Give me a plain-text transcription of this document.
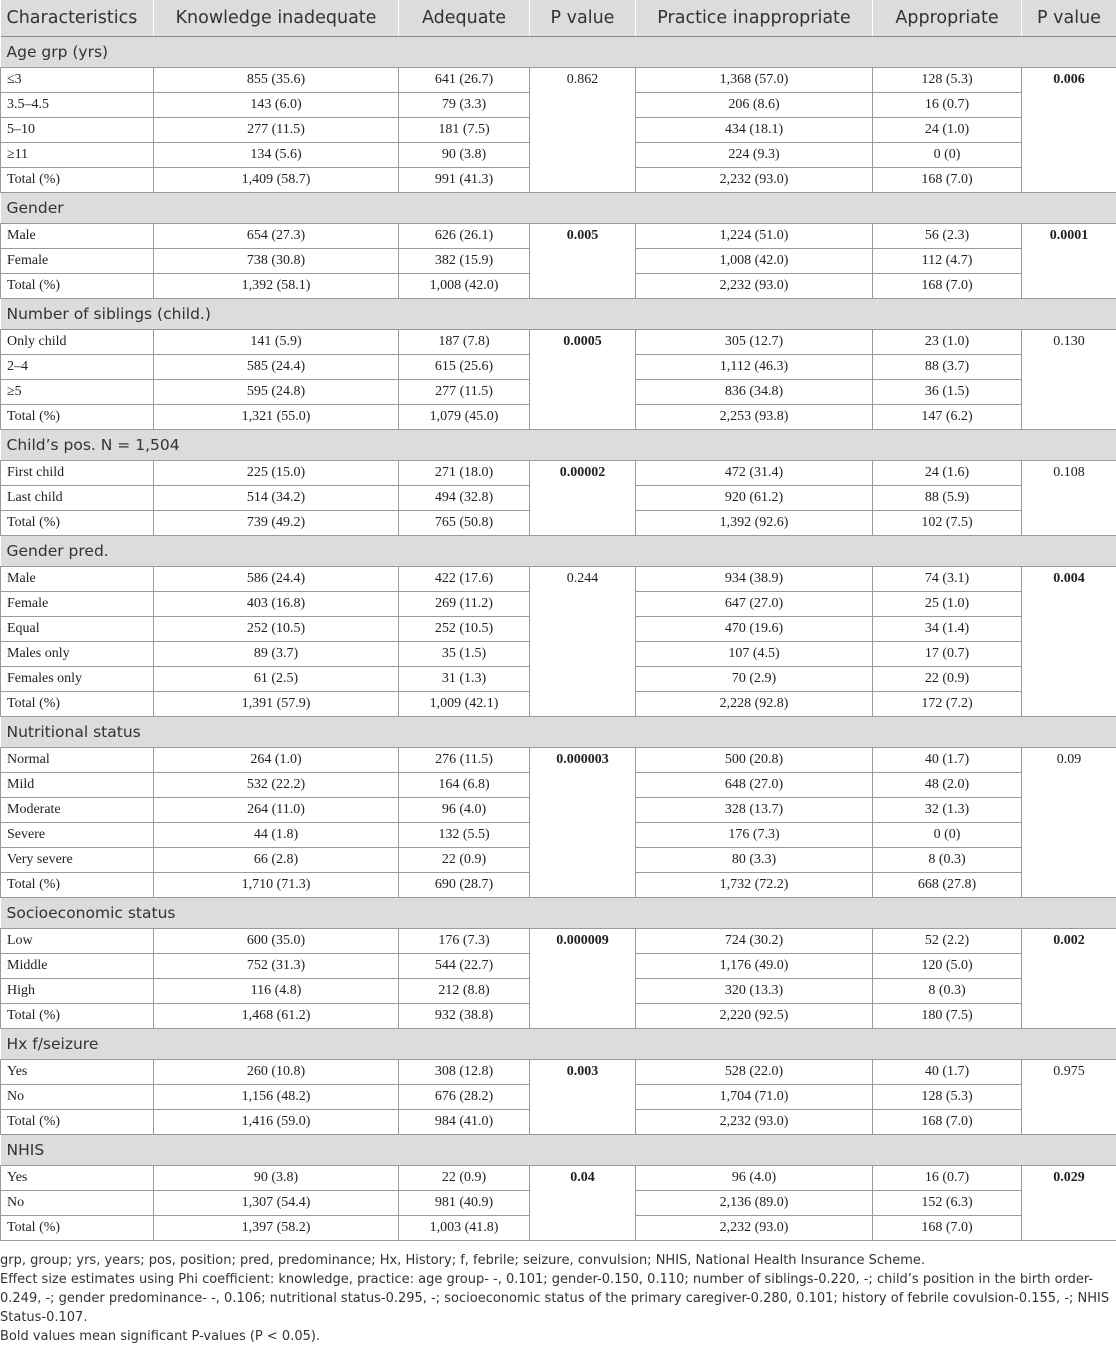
Characteristics	Knowledge inadequate	Adequate	P value	Practice inappropriate	Appropriate	P value
Age grp (yrs)						
≤3	855 (35.6)	641 (26.7)	0.862	1,368 (57.0)	128 (5.3)	0.006
3.5–4.5	143 (6.0)	79 (3.3)		206 (8.6)	16 (0.7)	
5–10	277 (11.5)	181 (7.5)		434 (18.1)	24 (1.0)	
≥11	134 (5.6)	90 (3.8)		224 (9.3)	0 (0)	
Total (%)	1,409 (58.7)	991 (41.3)		2,232 (93.0)	168 (7.0)	
Gender						
Male	654 (27.3)	626 (26.1)	0.005	1,224 (51.0)	56 (2.3)	0.0001
Female	738 (30.8)	382 (15.9)		1,008 (42.0)	112 (4.7)	
Total (%)	1,392 (58.1)	1,008 (42.0)		2,232 (93.0)	168 (7.0)	
Number of siblings (child.)						
Only child	141 (5.9)	187 (7.8)	0.0005	305 (12.7)	23 (1.0)	0.130
2–4	585 (24.4)	615 (25.6)		1,112 (46.3)	88 (3.7)	
≥5	595 (24.8)	277 (11.5)		836 (34.8)	36 (1.5)	
Total (%)	1,321 (55.0)	1,079 (45.0)		2,253 (93.8)	147 (6.2)	
Child’s pos. N = 1,504						
First child	225 (15.0)	271 (18.0)	0.00002	472 (31.4)	24 (1.6)	0.108
Last child	514 (34.2)	494 (32.8)		920 (61.2)	88 (5.9)	
Total (%)	739 (49.2)	765 (50.8)		1,392 (92.6)	102 (7.5)	
Gender pred.						
Male	586 (24.4)	422 (17.6)	0.244	934 (38.9)	74 (3.1)	0.004
Female	403 (16.8)	269 (11.2)		647 (27.0)	25 (1.0)	
Equal	252 (10.5)	252 (10.5)		470 (19.6)	34 (1.4)	
Males only	89 (3.7)	35 (1.5)		107 (4.5)	17 (0.7)	
Females only	61 (2.5)	31 (1.3)		70 (2.9)	22 (0.9)	
Total (%)	1,391 (57.9)	1,009 (42.1)		2,228 (92.8)	172 (7.2)	
Nutritional status						
Normal	264 (1.0)	276 (11.5)	0.000003	500 (20.8)	40 (1.7)	0.09
Mild	532 (22.2)	164 (6.8)		648 (27.0)	48 (2.0)	
Moderate	264 (11.0)	96 (4.0)		328 (13.7)	32 (1.3)	
Severe	44 (1.8)	132 (5.5)		176 (7.3)	0 (0)	
Very severe	66 (2.8)	22 (0.9)		80 (3.3)	8 (0.3)	
Total (%)	1,710 (71.3)	690 (28.7)		1,732 (72.2)	668 (27.8)	
Socioeconomic status						
Low	600 (35.0)	176 (7.3)	0.000009	724 (30.2)	52 (2.2)	0.002
Middle	752 (31.3)	544 (22.7)		1,176 (49.0)	120 (5.0)	
High	116 (4.8)	212 (8.8)		320 (13.3)	8 (0.3)	
Total (%)	1,468 (61.2)	932 (38.8)		2,220 (92.5)	180 (7.5)	
Hx f/seizure						
Yes	260 (10.8)	308 (12.8)	0.003	528 (22.0)	40 (1.7)	0.975
No	1,156 (48.2)	676 (28.2)		1,704 (71.0)	128 (5.3)	
Total (%)	1,416 (59.0)	984 (41.0)		2,232 (93.0)	168 (7.0)	
NHIS						
Yes	90 (3.8)	22 (0.9)	0.04	96 (4.0)	16 (0.7)	0.029
No	1,307 (54.4)	981 (40.9)		2,136 (89.0)	152 (6.3)	
Total (%)	1,397 (58.2)	1,003 (41.8)		2,232 (93.0)	168 (7.0)	

grp, group; yrs, years; pos, position; pred, predominance; Hx, History; f, febrile; seizure, convulsion; NHIS, National Health Insurance Scheme.

Effect size estimates using Phi coefficient: knowledge, practice: age group- -, 0.101; gender-0.150, 0.110; number of siblings-0.220, -; child’s position in the birth order-0.249, -; gender predominance- -, 0.106; nutritional status-0.295, -; socioeconomic status of the primary caregiver-0.280, 0.101; history of febrile covulsion-0.155, -; NHIS Status-0.107.

Bold values mean significant P-values (P < 0.05).
